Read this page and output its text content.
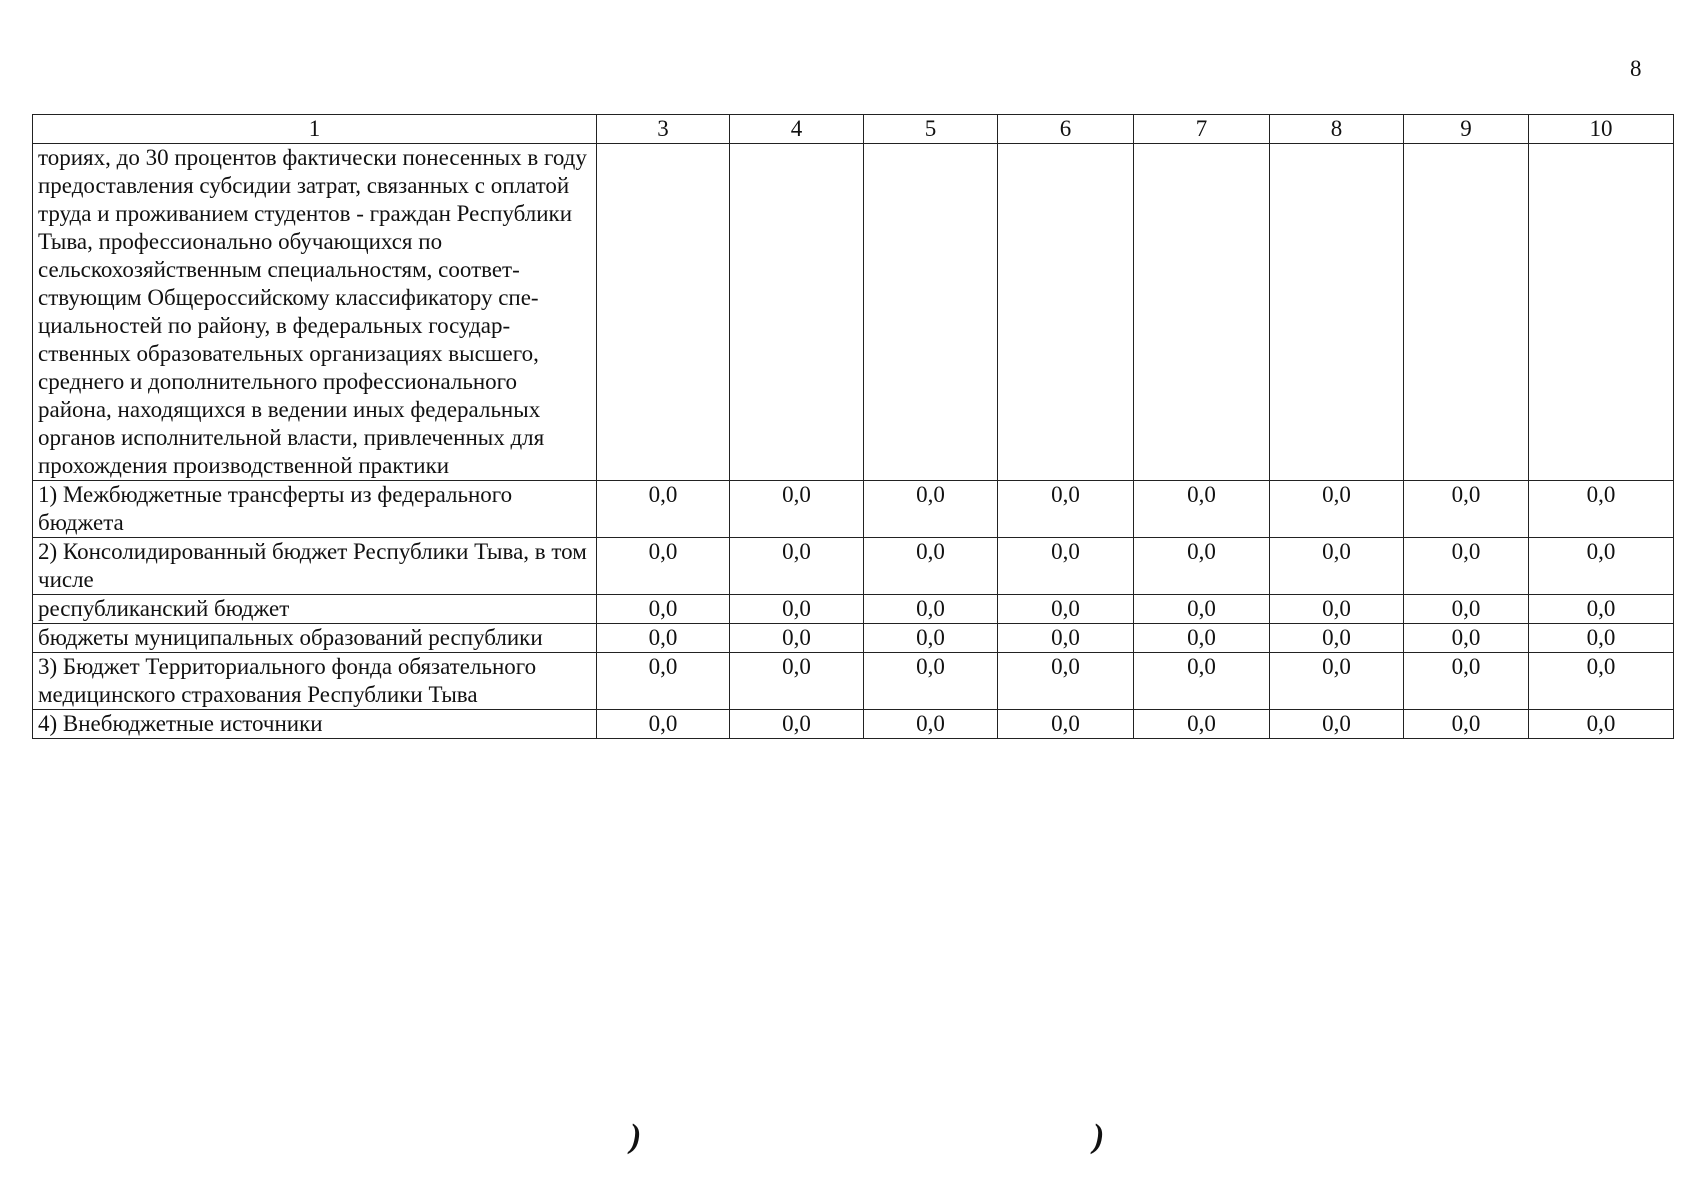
8
1	3	4	5	6	7	8	9	10
ториях, до 30 процентов фактически понесенных в году предоставления субсидии затрат, связанных с оплатой труда и проживанием студентов - граждан Республики Тыва, профессионально обучающихся по сельскохозяйственным специальностям, соответ-ствующим Общероссийскому классификатору спе-циальностей по району, в федеральных государ-ственных образовательных организациях высшего, среднего и дополнительного профессионального района, находящихся в ведении иных федеральных органов исполнительной власти, привлеченных для прохождения производственной практики								
1) Межбюджетные трансферты из федерального бюджета	0,0	0,0	0,0	0,0	0,0	0,0	0,0	0,0
2) Консолидированный бюджет Республики Тыва, в том числе	0,0	0,0	0,0	0,0	0,0	0,0	0,0	0,0
республиканский бюджет	0,0	0,0	0,0	0,0	0,0	0,0	0,0	0,0
бюджеты муниципальных образований республики	0,0	0,0	0,0	0,0	0,0	0,0	0,0	0,0
3) Бюджет Территориального фонда обязательного медицинского страхования Республики Тыва	0,0	0,0	0,0	0,0	0,0	0,0	0,0	0,0
4) Внебюджетные источники	0,0	0,0	0,0	0,0	0,0	0,0	0,0	0,0
)	)
